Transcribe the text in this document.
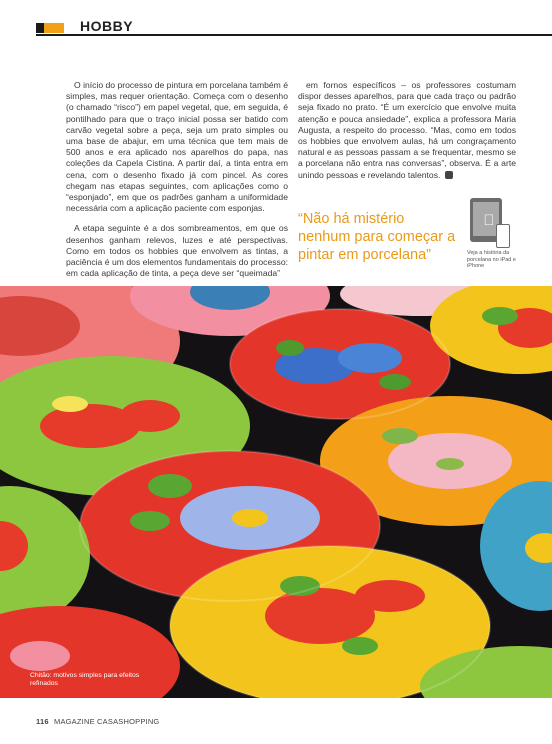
HOBBY

O início do processo de pintura em porcelana também é simples, mas requer orientação. Começa com o desenho (o chamado “risco”) em papel vegetal, que, em seguida, é pontilhado para que o traço inicial possa ser batido com carvão vegetal sobre a peça, seja um prato simples ou uma base de abajur, em uma técnica que tem mais de 500 anos e era aplicado nos aparelhos do papa, nas coleções da Capela Cistina. A partir daí, a tinta entra em cena, com o desenho fixado já com pincel. As cores chegam nas etapas seguintes, com aplicações como o “esponjado”, em que os padrões ganham a uniformidade necessária com a aplicação paciente com esponjas.

A etapa seguinte é a dos sombreamentos, em que os desenhos ganham relevos, luzes e até perspectivas. Como em todos os hobbies que envolvem as tintas, a paciência é um dos elementos fundamentais do processo: em cada aplicação de tinta, a peça deve ser “queimada”

em fornos específicos – os professores costumam dispor desses aparelhos, para que cada traço ou padrão seja fixado no prato. “É um exercício que envolve muita atenção e pouca ansiedade”, explica a professora Maria Augusta, a respeito do processo. “Mas, como em todos os hobbies que envolvem aulas, há um congraçamento natural e as pessoas passam a se frequentar, mesmo se a porcelana não entra nas conversas”, observa. É a arte unindo pessoas e revelando talentos.

“Não há mistério nenhum para começar a pintar em porcelana”	Veja a história da porcelana no iPad e iPhone
Chitão: motivos simples para efeitos refinados
116 MAGAZINE CASASHOPPING
